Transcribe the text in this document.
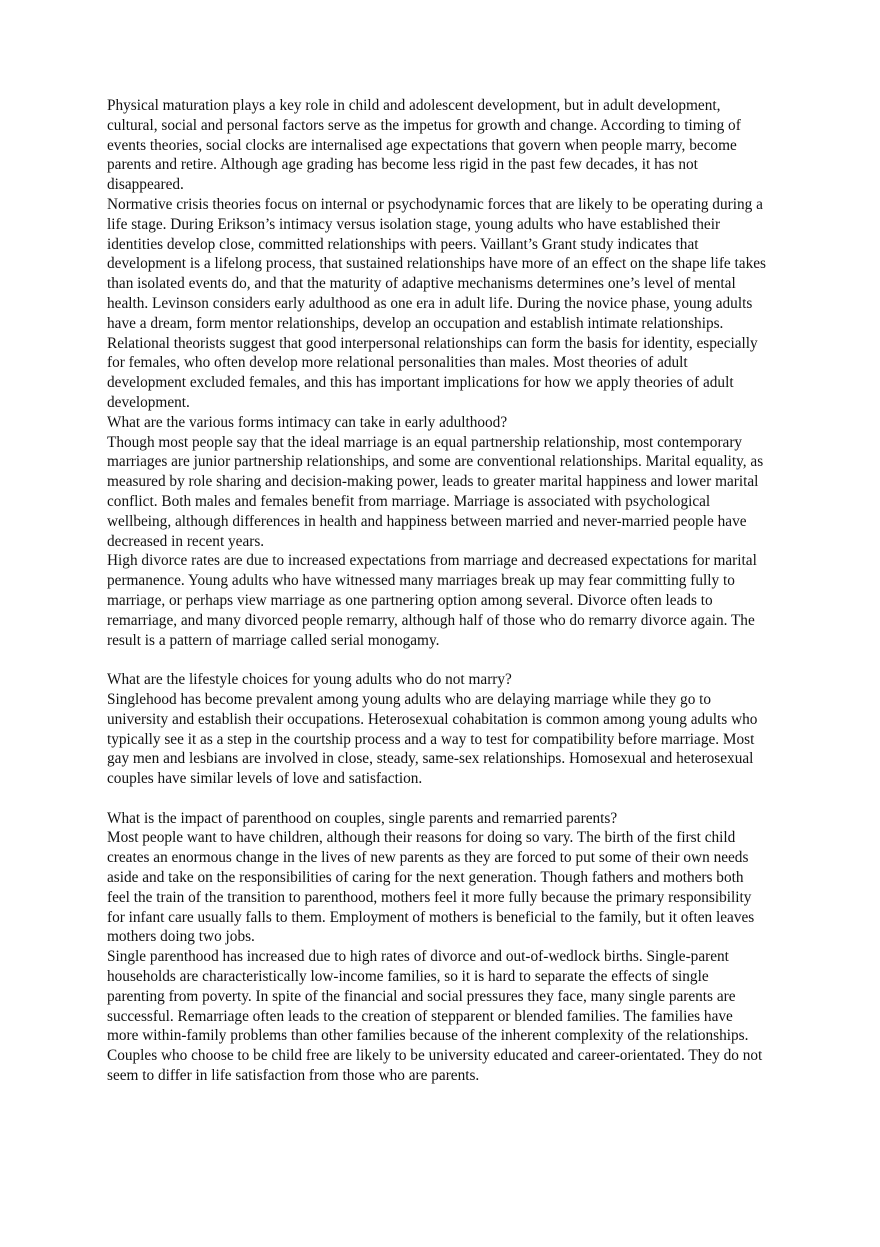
Physical maturation plays a key role in child and adolescent development, but in adult development, cultural, social and personal factors serve as the impetus for growth and change. According to timing of events theories, social clocks are internalised age expectations that govern when people marry, become parents and retire. Although age grading has become less rigid in the past few decades, it has not disappeared.

Normative crisis theories focus on internal or psychodynamic forces that are likely to be operating during a life stage. During Erikson’s intimacy versus isolation stage, young adults who have established their identities develop close, committed relationships with peers. Vaillant’s Grant study indicates that development is a lifelong process, that sustained relationships have more of an effect on the shape life takes than isolated events do, and that the maturity of adaptive mechanisms determines one’s level of mental health. Levinson considers early adulthood as one era in adult life. During the novice phase, young adults have a dream, form mentor relationships, develop an occupation and establish intimate relationships. Relational theorists suggest that good interpersonal relationships can form the basis for identity, especially for females, who often develop more relational personalities than males. Most theories of adult development excluded females, and this has important implications for how we apply theories of adult development.

What are the various forms intimacy can take in early adulthood?

Though most people say that the ideal marriage is an equal partnership relationship, most contemporary marriages are junior partnership relationships, and some are conventional relationships. Marital equality, as measured by role sharing and decision-making power, leads to greater marital happiness and lower marital conflict. Both males and females benefit from marriage. Marriage is associated with psychological wellbeing, although differences in health and happiness between married and never-married people have decreased in recent years.

High divorce rates are due to increased expectations from marriage and decreased expectations for marital permanence. Young adults who have witnessed many marriages break up may fear committing fully to marriage, or perhaps view marriage as one partnering option among several. Divorce often leads to remarriage, and many divorced people remarry, although half of those who do remarry divorce again. The result is a pattern of marriage called serial monogamy.

What are the lifestyle choices for young adults who do not marry?

Singlehood has become prevalent among young adults who are delaying marriage while they go to university and establish their occupations. Heterosexual cohabitation is common among young adults who typically see it as a step in the courtship process and a way to test for compatibility before marriage. Most gay men and lesbians are involved in close, steady, same-sex relationships. Homosexual and heterosexual couples have similar levels of love and satisfaction.

What is the impact of parenthood on couples, single parents and remarried parents?

Most people want to have children, although their reasons for doing so vary. The birth of the first child creates an enormous change in the lives of new parents as they are forced to put some of their own needs aside and take on the responsibilities of caring for the next generation. Though fathers and mothers both feel the train of the transition to parenthood, mothers feel it more fully because the primary responsibility for infant care usually falls to them. Employment of mothers is beneficial to the family, but it often leaves mothers doing two jobs.

Single parenthood has increased due to high rates of divorce and out-of-wedlock births. Single-parent households are characteristically low-income families, so it is hard to separate the effects of single parenting from poverty. In spite of the financial and social pressures they face, many single parents are successful. Remarriage often leads to the creation of stepparent or blended families. The families have more within-family problems than other families because of the inherent complexity of the relationships. Couples who choose to be child free are likely to be university educated and career-orientated. They do not seem to differ in life satisfaction from those who are parents.
